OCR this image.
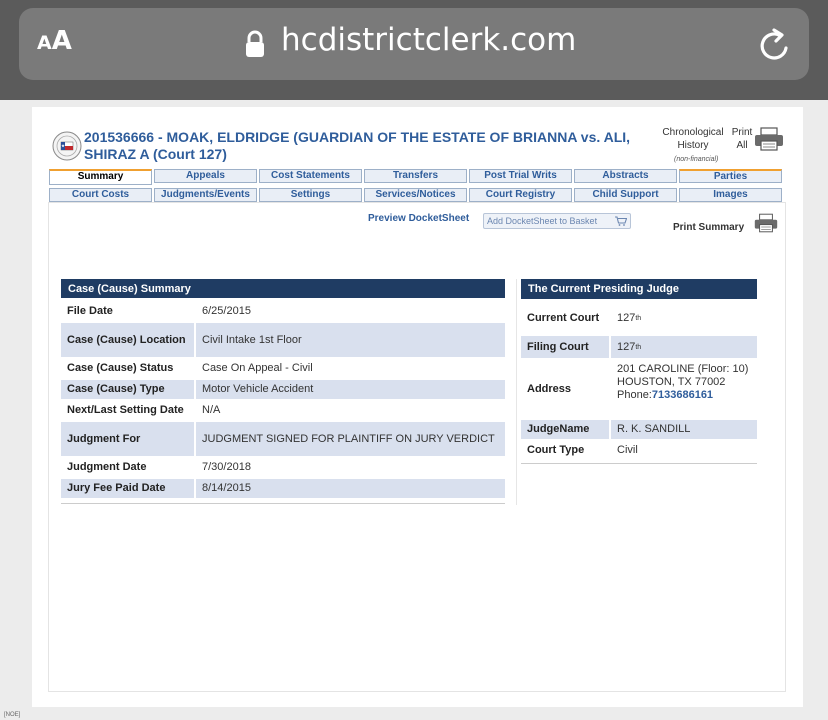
AA	hcdistrictclerk.com
201536666 - MOAK, ELDRIDGE (GUARDIAN OF THE ESTATE OF BRIANNA vs. ALI, SHIRAZ A (Court 127)
Chronological History
(non-financial)
Print All
Summary	Appeals	Cost Statements	Transfers	Post Trial Writs	Abstracts	Parties
Court Costs	Judgments/Events	Settings	Services/Notices	Court Registry	Child Support	Images
Preview DocketSheet	Add DocketSheet to Basket
Print Summary
Case (Cause) Summary
File Date	6/25/2015
Case (Cause) Location	Civil Intake 1st Floor
Case (Cause) Status	Case On Appeal - Civil
Case (Cause) Type	Motor Vehicle Accident
Next/Last Setting Date	N/A
Judgment For	JUDGMENT SIGNED FOR PLAINTIFF ON JURY VERDICT
Judgment Date	7/30/2018
Jury Fee Paid Date	8/14/2015
The Current Presiding Judge
Current Court	127 th
Filing Court	127 th
Address
201 CAROLINE (Floor: 10)
HOUSTON, TX 77002
Phone:7133686161
JudgeName	R. K. SANDILL
Court Type	Civil
[NOE]
